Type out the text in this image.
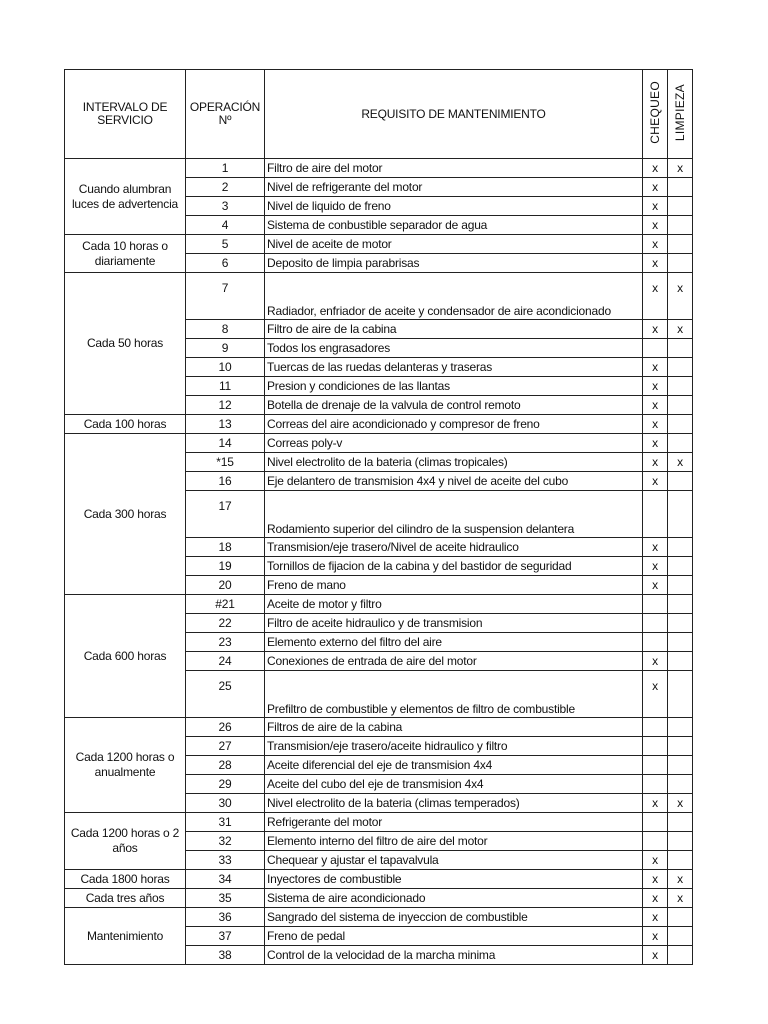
INTERVALO DE SERVICIO	OPERACIÓN Nº	REQUISITO DE MANTENIMIENTO	CHEQUEO	LIMPIEZA
Cuando alumbran luces de advertencia	1	Filtro de aire del motor	x	x
	2	Nivel de refrigerante del motor	x	
	3	Nivel de liquido de freno	x	
	4	Sistema de conbustible separador de agua	x	
Cada 10 horas o diariamente	5	Nivel de aceite de motor	x	
	6	Deposito de limpia parabrisas	x	
Cada 50 horas	7	Radiador, enfriador de aceite y condensador de aire acondicionado	x	x
	8	Filtro de aire de la cabina	x	x
	9	Todos los engrasadores		
	10	Tuercas de las ruedas delanteras y traseras	x	
	11	Presion y condiciones de las llantas	x	
	12	Botella de drenaje de la valvula de control remoto	x	
Cada 100 horas	13	Correas del aire acondicionado y compresor de freno	x	
Cada 300 horas	14	Correas poly-v	x	
	*15	Nivel electrolito de la bateria (climas tropicales)	x	x
	16	Eje delantero de transmision 4x4 y nivel de aceite del cubo	x	
	17	Rodamiento superior del cilindro de la suspension delantera		
	18	Transmision/eje trasero/Nivel de aceite hidraulico	x	
	19	Tornillos de fijacion de la cabina y del bastidor de seguridad	x	
	20	Freno de mano	x	
Cada 600 horas	#21	Aceite de motor y filtro		
	22	Filtro de aceite hidraulico y de transmision		
	23	Elemento externo del filtro del aire		
	24	Conexiones de entrada de aire del motor	x	
	25	Prefiltro de combustible y elementos de filtro de combustible	x	
Cada 1200 horas o anualmente	26	Filtros de aire de la cabina		
	27	Transmision/eje trasero/aceite hidraulico y filtro		
	28	Aceite diferencial del eje de transmision 4x4		
	29	Aceite del cubo del eje de transmision 4x4		
	30	Nivel electrolito de la bateria (climas temperados)	x	x
Cada 1200 horas o 2 años	31	Refrigerante del motor		
	32	Elemento interno del filtro de aire del motor		
	33	Chequear y ajustar el tapavalvula	x	
Cada 1800 horas	34	Inyectores de combustible	x	x
Cada tres años	35	Sistema de aire acondicionado	x	x
Mantenimiento	36	Sangrado del sistema de inyeccion de combustible	x	
	37	Freno de pedal	x	
	38	Control de la velocidad de la marcha minima	x	
